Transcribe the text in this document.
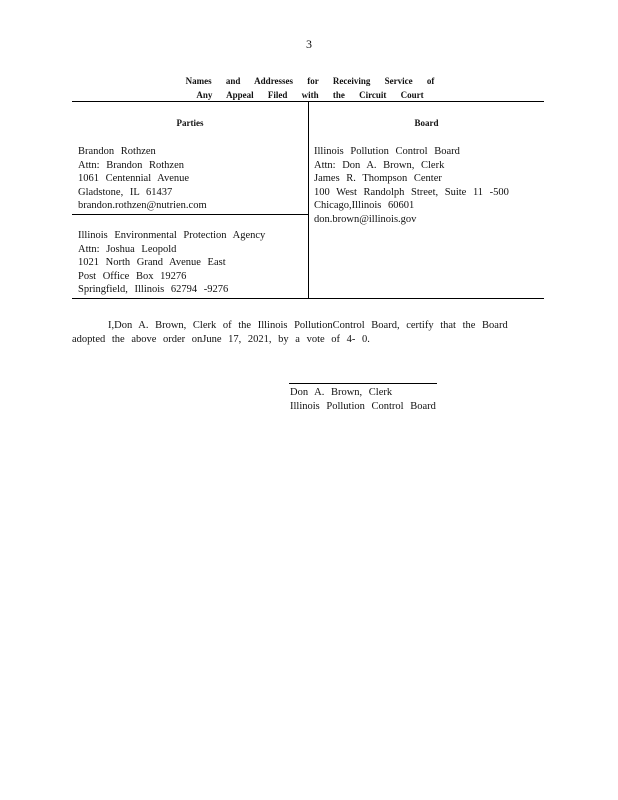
3
Names and Addresses for Receiving Service of
Any Appeal Filed with the Circuit Court
Parties	Board
Brandon Rothzen
Attn: Brandon Rothzen
1061 Centennial Avenue
Gladstone, IL 61437
brandon.rothzen@nutrien.com
Illinois Environmental Protection Agency
Attn: Joshua Leopold
1021 North Grand Avenue East
Post Office Box 19276
Springfield, Illinois 62794 -9276
Illinois Pollution Control Board
Attn: Don A. Brown, Clerk
James R. Thompson Center
100 West Randolph Street, Suite 11 -500
Chicago,Illinois 60601
don.brown@illinois.gov
I,Don A. Brown, Clerk of the Illinois PollutionControl Board, certify that the Board
adopted the above order onJune 17, 2021, by a vote of 4- 0.
Don A. Brown, Clerk
Illinois Pollution Control Board
